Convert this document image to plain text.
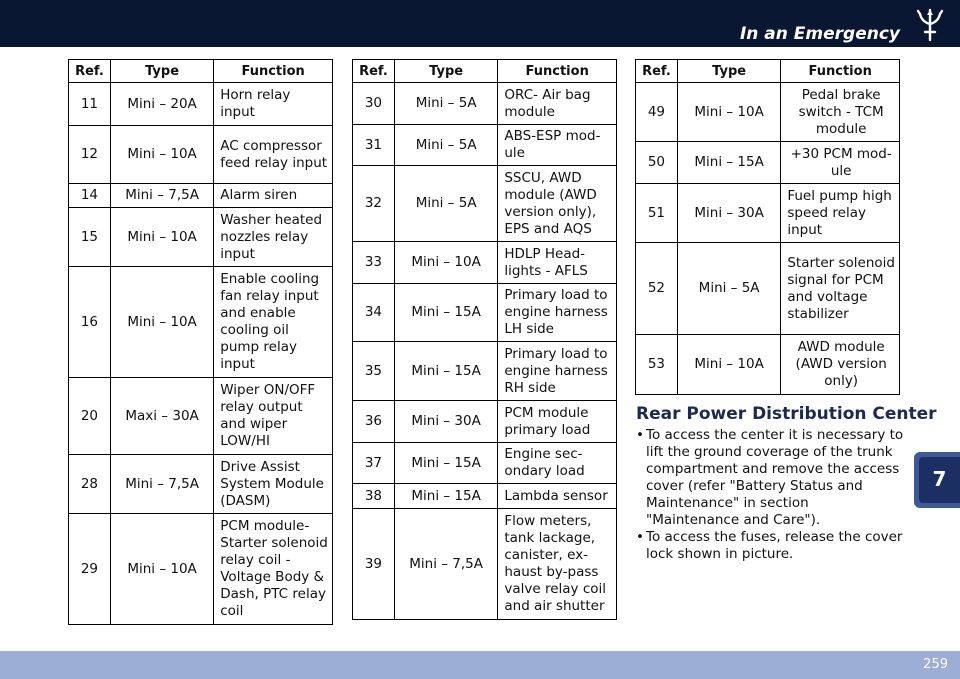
In an Emergency
Ref.	Type	Function
11	Mini – 20A	Horn relay input
12	Mini – 10A	AC compressor feed relay input
14	Mini – 7,5A	Alarm siren
15	Mini – 10A	Washer heated nozzles relay input
16	Mini – 10A	Enable cooling fan relay input and enable cooling oil pump relay input
20	Maxi – 30A	Wiper ON/OFF relay output and wiper LOW/HI
28	Mini – 7,5A	Drive Assist System Module (DASM)
29	Mini – 10A	PCM module-Starter solenoid relay coil - Voltage Body & Dash, PTC relay coil
Ref.	Type	Function
30	Mini – 5A	ORC- Air bag module
31	Mini – 5A	ABS-ESP mod-ule
32	Mini – 5A	SSCU, AWD module (AWD version only), EPS and AQS
33	Mini – 10A	HDLP Head-lights - AFLS
34	Mini – 15A	Primary load to engine harness LH side
35	Mini – 15A	Primary load to engine harness RH side
36	Mini – 30A	PCM module primary load
37	Mini – 15A	Engine sec-ondary load
38	Mini – 15A	Lambda sensor
39	Mini – 7,5A	Flow meters, tank lackage, canister, ex-haust by-pass valve relay coil and air shutter
Ref.	Type	Function
49	Mini – 10A	Pedal brake switch - TCM module
50	Mini – 15A	+30 PCM mod-ule
51	Mini – 30A	Fuel pump high speed relay input
52	Mini – 5A	Starter solenoid signal for PCM and voltage stabilizer
53	Mini – 10A	AWD module (AWD version only)
Rear Power Distribution Center
• To access the center it is necessary to lift the ground coverage of the trunk compartment and remove the access cover (refer "Battery Status and Maintenance" in section "Maintenance and Care").
• To access the fuses, release the cover lock shown in picture.
7
259
